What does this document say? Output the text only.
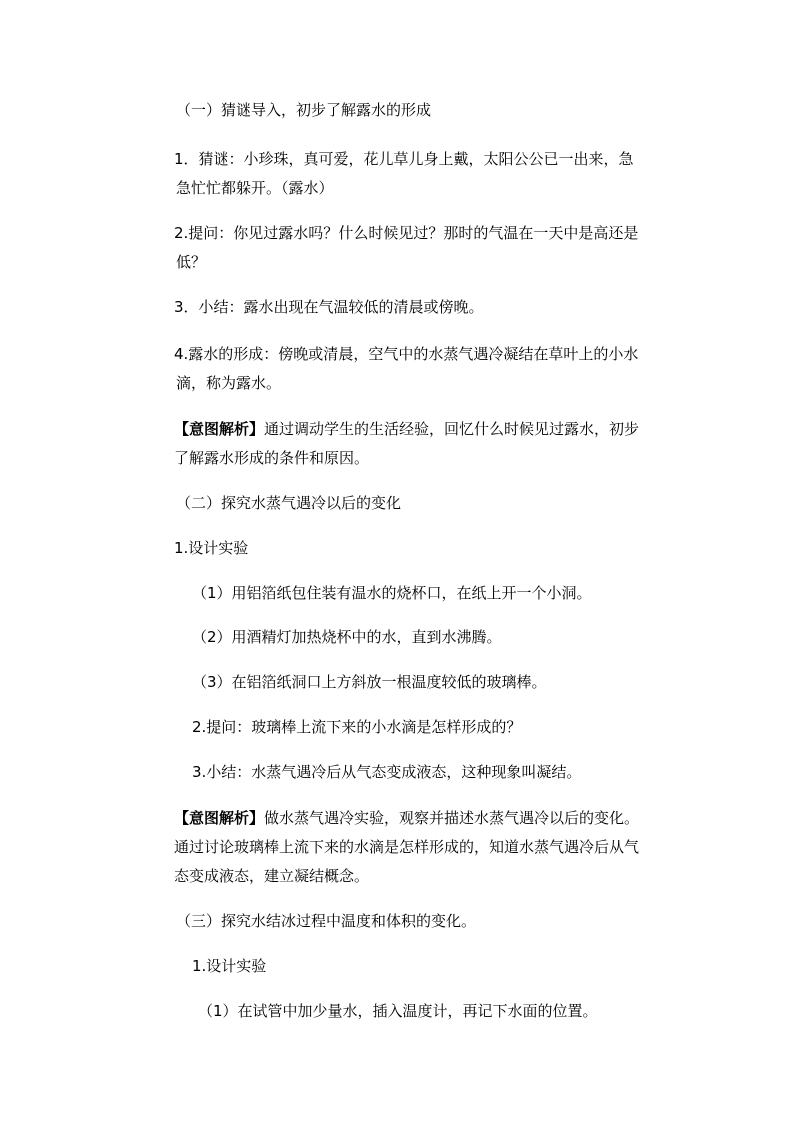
（一）猜谜导入，初步了解露水的形成
1．猜谜：小珍珠，真可爱，花儿草儿身上戴，太阳公公已一出来，急
急忙忙都躲开。（露水）
2.提问：你见过露水吗？什么时候见过？那时的气温在一天中是高还是
低？
3．小结：露水出现在气温较低的清晨或傍晚。
4.露水的形成：傍晚或清晨，空气中的水蒸气遇冷凝结在草叶上的小水
滴，称为露水。
【意图解析】通过调动学生的生活经验，回忆什么时候见过露水，初步
了解露水形成的条件和原因。
（二）探究水蒸气遇冷以后的变化
1.设计实验
（1）用铝箔纸包住装有温水的烧杯口，在纸上开一个小洞。
（2）用酒精灯加热烧杯中的水，直到水沸腾。
（3）在铝箔纸洞口上方斜放一根温度较低的玻璃棒。
2.提问：玻璃棒上流下来的小水滴是怎样形成的？
3.小结：水蒸气遇冷后从气态变成液态，这种现象叫凝结。
【意图解析】做水蒸气遇冷实验，观察并描述水蒸气遇冷以后的变化。
通过讨论玻璃棒上流下来的水滴是怎样形成的，知道水蒸气遇冷后从气
态变成液态，建立凝结概念。
（三）探究水结冰过程中温度和体积的变化。
1.设计实验
（1）在试管中加少量水，插入温度计，再记下水面的位置。
